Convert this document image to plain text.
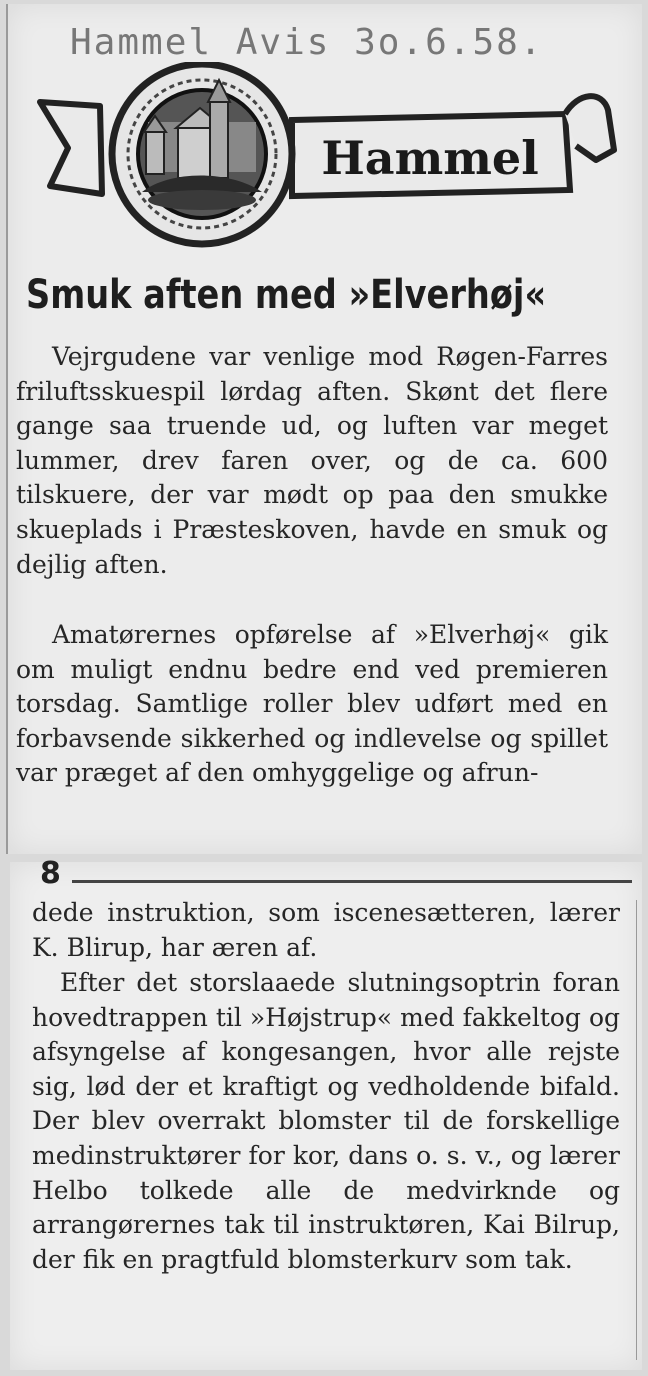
Hammel Avis 3o.6.58.
Hammel
Smuk aften med »Elverhøj«
Vejrgudene var venlige mod Røgen-Farres friluftsskuespil lørdag aften. Skønt det flere gange saa truende ud, og luften var meget lummer, drev faren over, og de ca. 600 tilskuere, der var mødt op paa den smukke skueplads i Præsteskoven, havde en smuk og dejlig aften.
Amatørernes opførelse af »Elverhøj« gik om muligt endnu bedre end ved premieren torsdag. Samtlige roller blev udført med en forbavsende sikkerhed og indlevelse og spillet var præget af den omhyggelige og afrun-
8
dede instruktion, som iscenesætteren, lærer K. Blirup, har æren af.
Efter det storslaaede slutningsoptrin foran hovedtrappen til »Højstrup« med fakkeltog og afsyngelse af kongesangen, hvor alle rejste sig, lød der et kraftigt og vedholdende bifald. Der blev overrakt blomster til de forskellige medinstruktører for kor, dans o. s. v., og lærer Helbo tolkede alle de medvirknde og arrangørernes tak til instruktøren, Kai Bilrup, der fik en pragtfuld blomsterkurv som tak.
